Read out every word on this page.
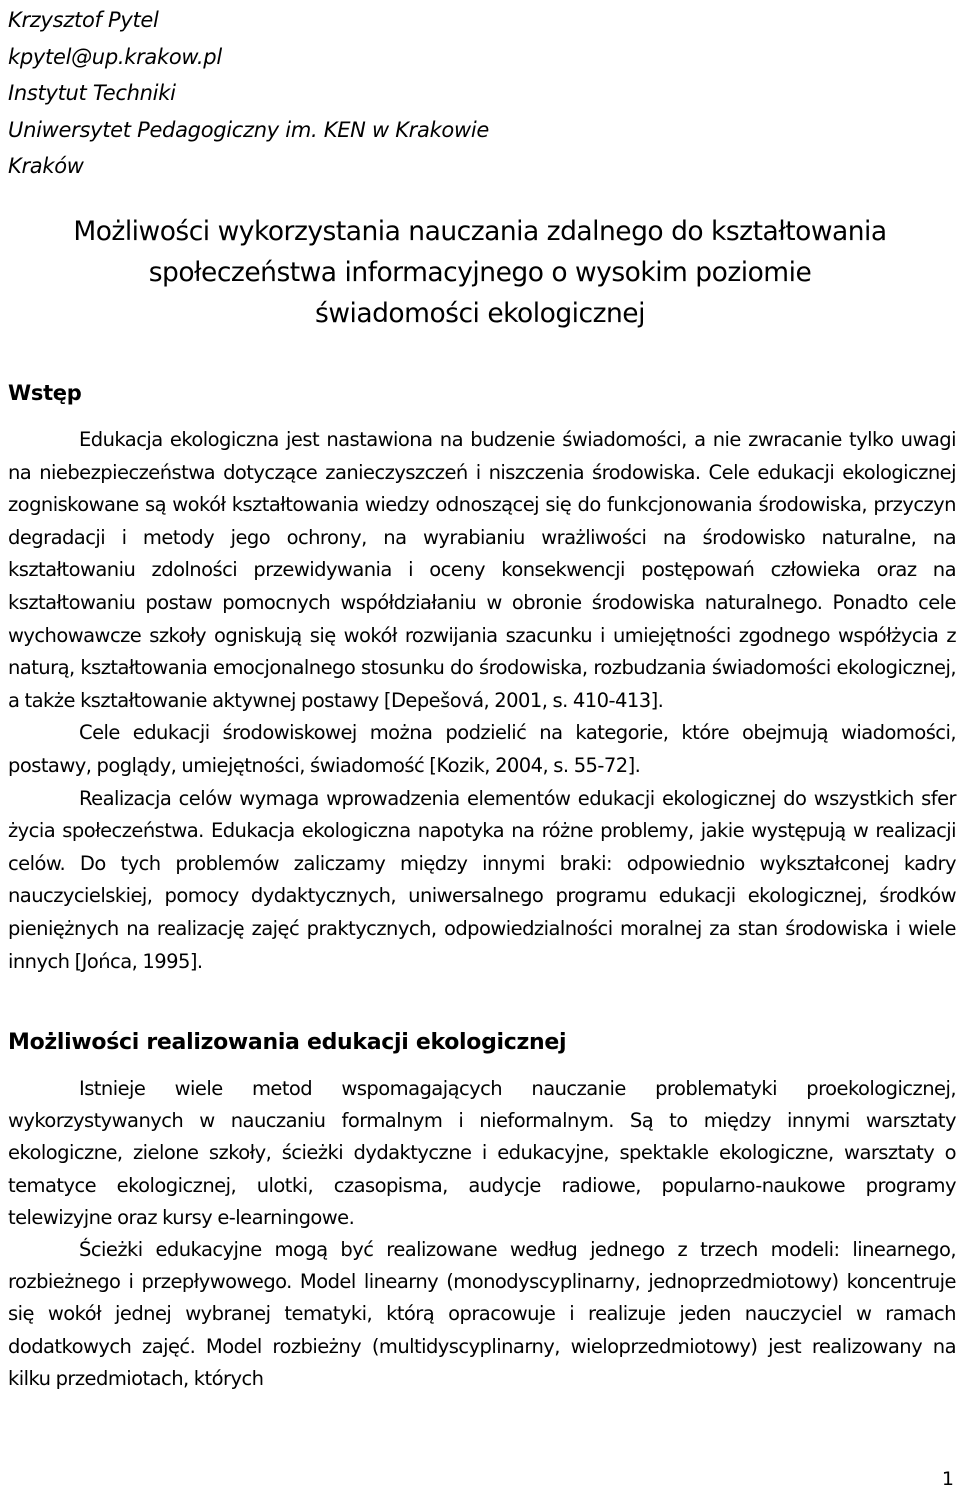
Krzysztof Pytel
kpytel@up.krakow.pl
Instytut Techniki
Uniwersytet Pedagogiczny im. KEN w Krakowie
Kraków
Możliwości wykorzystania nauczania zdalnego do kształtowania
społeczeństwa informacyjnego o wysokim poziomie
świadomości ekologicznej
Wstęp

Edukacja ekologiczna jest nastawiona na budzenie świadomości, a nie zwracanie tylko uwagi na niebezpieczeństwa dotyczące zanieczyszczeń i niszczenia środowiska. Cele edukacji ekologicznej zogniskowane są wokół kształtowania wiedzy odnoszącej się do funkcjonowania środowiska, przyczyn degradacji i metody jego ochrony, na wyrabianiu wrażliwości na środowisko naturalne, na kształtowaniu zdolności przewidywania i oceny konsekwencji postępowań człowieka oraz na kształtowaniu postaw pomocnych współdziałaniu w obronie środowiska naturalnego. Ponadto cele wychowawcze szkoły ogniskują się wokół rozwijania szacunku i umiejętności zgodnego współżycia z naturą, kształtowania emocjonalnego stosunku do środowiska, rozbudzania świadomości ekologicznej, a także kształtowanie aktywnej postawy [Depešová, 2001, s. 410-413].

Cele edukacji środowiskowej można podzielić na kategorie, które obejmują wiadomości, postawy, poglądy, umiejętności, świadomość [Kozik, 2004, s. 55-72].

Realizacja celów wymaga wprowadzenia elementów edukacji ekologicznej do wszystkich sfer życia społeczeństwa. Edukacja ekologiczna napotyka na różne problemy, jakie występują w realizacji celów. Do tych problemów zaliczamy między innymi braki: odpowiednio wykształconej kadry nauczycielskiej, pomocy dydaktycznych, uniwersalnego programu edukacji ekologicznej, środków pieniężnych na realizację zajęć praktycznych, odpowiedzialności moralnej za stan środowiska i wiele innych [Jońca, 1995].

Możliwości realizowania edukacji ekologicznej

Istnieje wiele metod wspomagających nauczanie problematyki proekologicznej, wykorzystywanych w nauczaniu formalnym i nieformalnym. Są to między innymi warsztaty ekologiczne, zielone szkoły, ścieżki dydaktyczne i edukacyjne, spektakle ekologiczne, warsztaty o tematyce ekologicznej, ulotki, czasopisma, audycje radiowe, popularno-naukowe programy telewizyjne oraz kursy e-learningowe.

Ścieżki edukacyjne mogą być realizowane według jednego z trzech modeli: linearnego, rozbieżnego i przepływowego. Model linearny (monodyscyplinarny, jednoprzedmiotowy) koncentruje się wokół jednej wybranej tematyki, którą opracowuje i realizuje jeden nauczyciel w ramach dodatkowych zajęć. Model rozbieżny (multidyscyplinarny, wieloprzedmiotowy) jest realizowany na kilku przedmiotach, których

1
